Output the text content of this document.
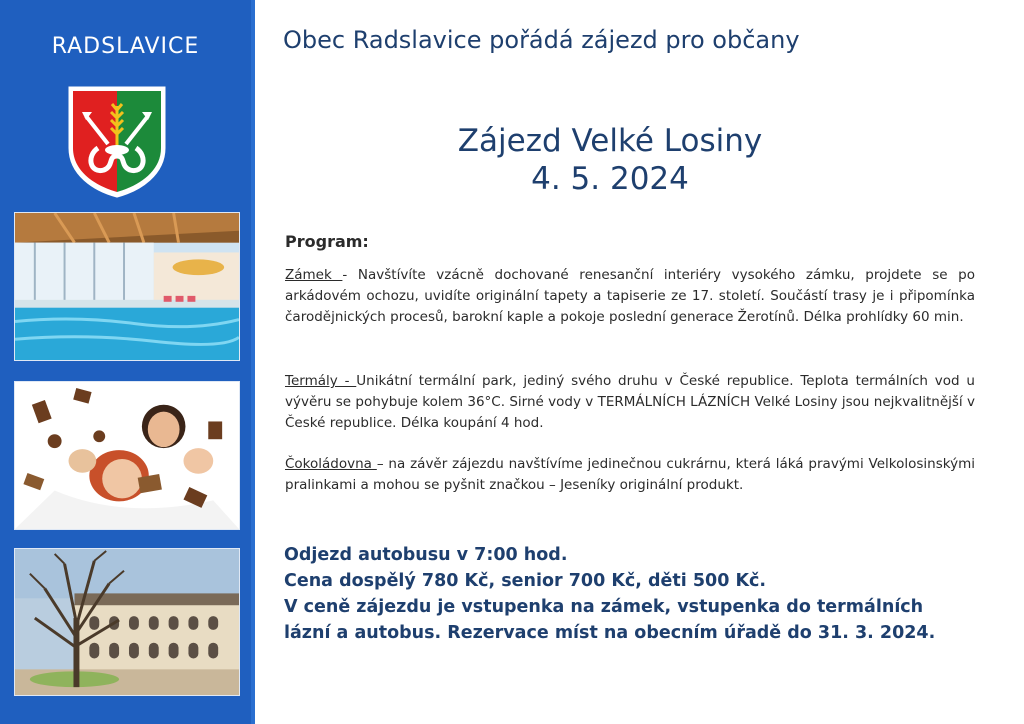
RADSLAVICE	Obec Radslavice pořádá zájezd pro občany
Zájezd Velké Losiny
4. 5. 2024
Program:
Zámek - Navštívíte vzácně dochované renesanční interiéry vysokého zámku, projdete se po arkádovém ochozu, uvidíte originální tapety a tapiserie ze 17. století. Součástí trasy je i připomínka čarodějnických procesů, barokní kaple a pokoje poslední generace Žerotínů. Délka prohlídky 60 min.
Termály - Unikátní termální park, jediný svého druhu v České republice. Teplota termálních vod u vývěru se pohybuje kolem 36°C. Sirné vody v TERMÁLNÍCH LÁZNÍCH Velké Losiny jsou nejkvalitnější v České republice. Délka koupání 4 hod.
Čokoládovna – na závěr zájezdu navštívíme jedinečnou cukrárnu, která láká pravými Velkolosinskými pralinkami a mohou se pyšnit značkou – Jeseníky originální produkt.
Odjezd autobusu v 7:00 hod.
Cena dospělý 780 Kč, senior 700 Kč, děti 500 Kč.
V ceně zájezdu je vstupenka na zámek, vstupenka do termálních
lázní a autobus. Rezervace míst na obecním úřadě do 31. 3. 2024.
